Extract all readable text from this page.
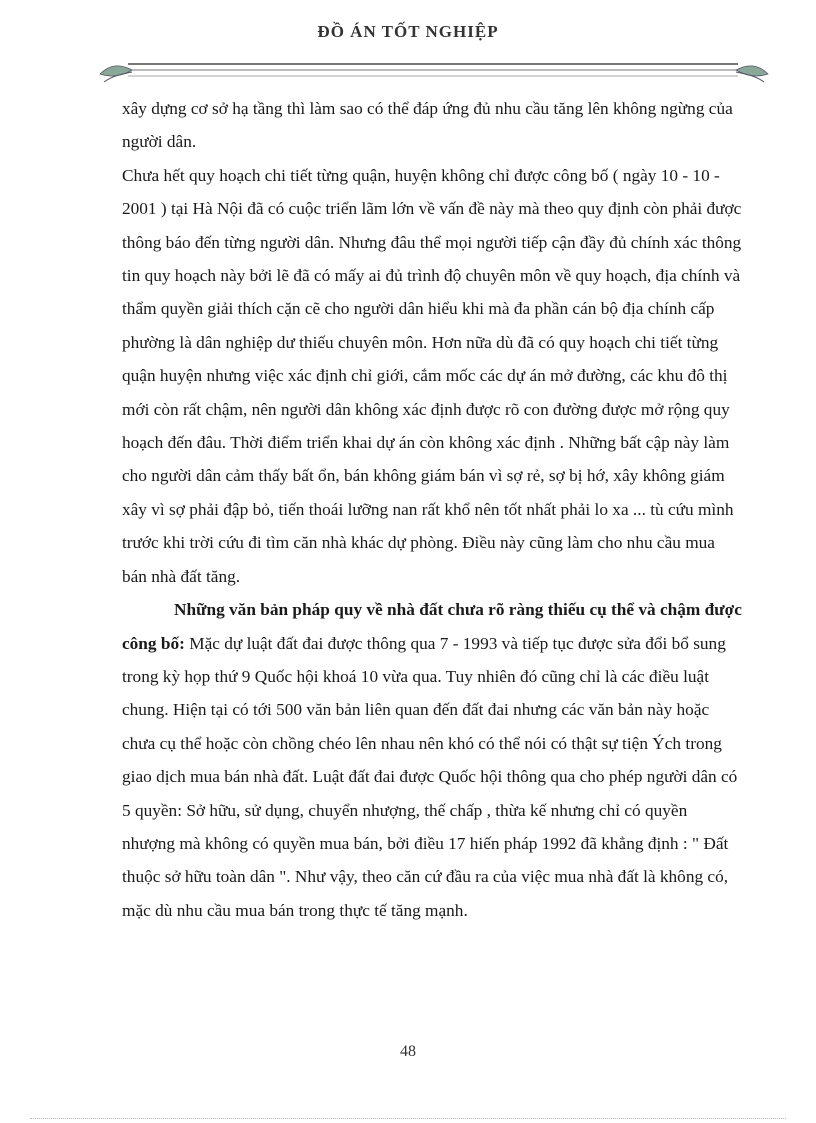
ĐỒ ÁN TỐT NGHIỆP

xây dựng cơ sở hạ tầng thì làm sao có thể đáp ứng đủ nhu cầu tăng lên không ngừng của người dân.

Chưa hết quy hoạch chi tiết từng quận, huyện không chỉ được công bố ( ngày 10 - 10 - 2001 ) tại Hà Nội đã có cuộc triển lãm lớn về vấn đề này mà theo quy định còn phải được thông báo đến từng người dân. Nhưng đâu thể mọi người tiếp cận đầy đủ chính xác thông tin quy hoạch này bởi lẽ đã có mấy ai đủ trình độ chuyên môn về quy hoạch, địa chính và thẩm quyền giải thích cặn cẽ cho người dân hiểu khi mà đa phần cán bộ địa chính cấp phường là dân nghiệp dư thiếu chuyên môn. Hơn nữa dù đã có quy hoạch chi tiết từng quận huyện nhưng việc xác định chỉ giới, cắm mốc các dự án mở đường, các khu đô thị mới còn rất chậm, nên người dân không xác định được rõ con đường được mở rộng quy hoạch đến đâu. Thời điểm triển khai dự án còn không xác định . Những bất cập này làm cho người dân cảm thấy bất ổn, bán không giám bán vì sợ rẻ, sợ bị hớ, xây không giám xây vì sợ phải đập bỏ, tiến thoái lưỡng nan rất khổ nên tốt nhất phải lo xa ... tù cứu mình trước khi trời cứu đi tìm căn nhà khác dự phòng. Điều này cũng làm cho nhu cầu mua bán nhà đất tăng.

Những văn bản pháp quy về nhà đất chưa rõ ràng thiếu cụ thể và chậm được công bố: Mặc dự luật đất đai được thông qua 7 - 1993 và tiếp tục được sửa đổi bổ sung trong kỳ họp thứ 9 Quốc hội khoá 10 vừa qua. Tuy nhiên đó cũng chỉ là các điều luật chung. Hiện tại có tới 500 văn bản liên quan đến đất đai nhưng các văn bản này hoặc chưa cụ thể hoặc còn chồng chéo lên nhau nên khó có thể nói có thật sự tiện Ých trong giao dịch mua bán nhà đất. Luật đất đai được Quốc hội thông qua cho phép người dân có 5 quyền: Sở hữu, sử dụng, chuyển nhượng, thế chấp , thừa kế nhưng chỉ có quyền nhượng mà không có quyền mua bán, bởi điều 17 hiến pháp 1992 đã khẳng định : " Đất thuộc sở hữu toàn dân ". Như vậy, theo căn cứ đầu ra của việc mua nhà đất là không có, mặc dù nhu cầu mua bán trong thực tế tăng mạnh.

48
